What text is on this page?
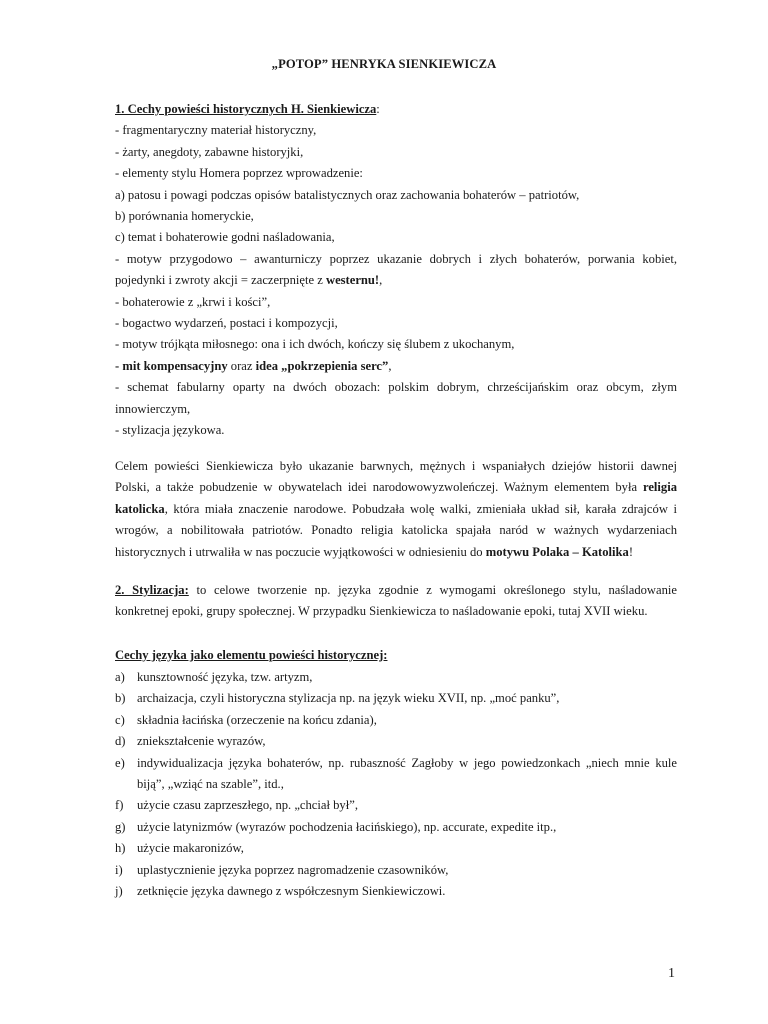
„POTOP” HENRYKA SIENKIEWICZA
1. Cechy powieści historycznych H. Sienkiewicza:
- fragmentaryczny materiał historyczny,
- żarty, anegdoty, zabawne historyjki,
- elementy stylu Homera poprzez wprowadzenie:
a) patosu i powagi podczas opisów batalistycznych oraz zachowania bohaterów – patriotów,
b) porównania homeryckie,
c) temat i bohaterowie godni naśladowania,
- motyw przygodowo – awanturniczy poprzez ukazanie dobrych i złych bohaterów, porwania kobiet,
pojedynki i zwroty akcji = zaczerpnięte z westernu!,
- bohaterowie z „krwi i kości”,
- bogactwo wydarzeń, postaci i kompozycji,
- motyw trójkąta miłosnego: ona i ich dwóch, kończy się ślubem z ukochanym,
- mit kompensacyjny oraz idea „pokrzepienia serc”,
- schemat fabularny oparty na dwóch obozach: polskim dobrym, chrześcijańskim oraz obcym, złym
innowierczym,
- stylizacja językowa.
Celem powieści Sienkiewicza było ukazanie barwnych, mężnych i wspaniałych dziejów historii dawnej
Polski, a także pobudzenie w obywatelach idei narodowowyzwoleńczej. Ważnym elementem była religia
katolicka, która miała znaczenie narodowe. Pobudzała wolę walki, zmieniała układ sił, karała zdrajców i
wrogów, a nobilitowała patriotów. Ponadto religia katolicka spajała naród w ważnych wydarzeniach
historycznych i utrwaliła w nas poczucie wyjątkowości w odniesieniu do motywu Polaka – Katolika!
2. Stylizacja: to celowe tworzenie np. języka zgodnie z wymogami określonego stylu, naśladowanie
konkretnej epoki, grupy społecznej. W przypadku Sienkiewicza to naśladowanie epoki, tutaj XVII wieku.
Cechy języka jako elementu powieści historycznej:
a) kunsztowność języka, tzw. artyzm,
b) archaizacja, czyli historyczna stylizacja np. na język wieku XVII, np. „moć panku”,
c) składnia łacińska (orzeczenie na końcu zdania),
d) zniekształcenie wyrazów,
e) indywidualizacja języka bohaterów, np. rubaszność Zagłoby w jego powiedzonkach „niech mnie kule
biją”, „wziąć na szable”, itd.,
f)	użycie czasu zaprzeszłego, np. „chciał był”,
g) użycie latynizmów (wyrazów pochodzenia łacińskiego), np. accurate, expedite itp.,
h) użycie makaronizów,
i)	uplastycznienie języka poprzez nagromadzenie czasowników,
j)	zetknięcie języka dawnego z współczesnym Sienkiewiczowi.
1
